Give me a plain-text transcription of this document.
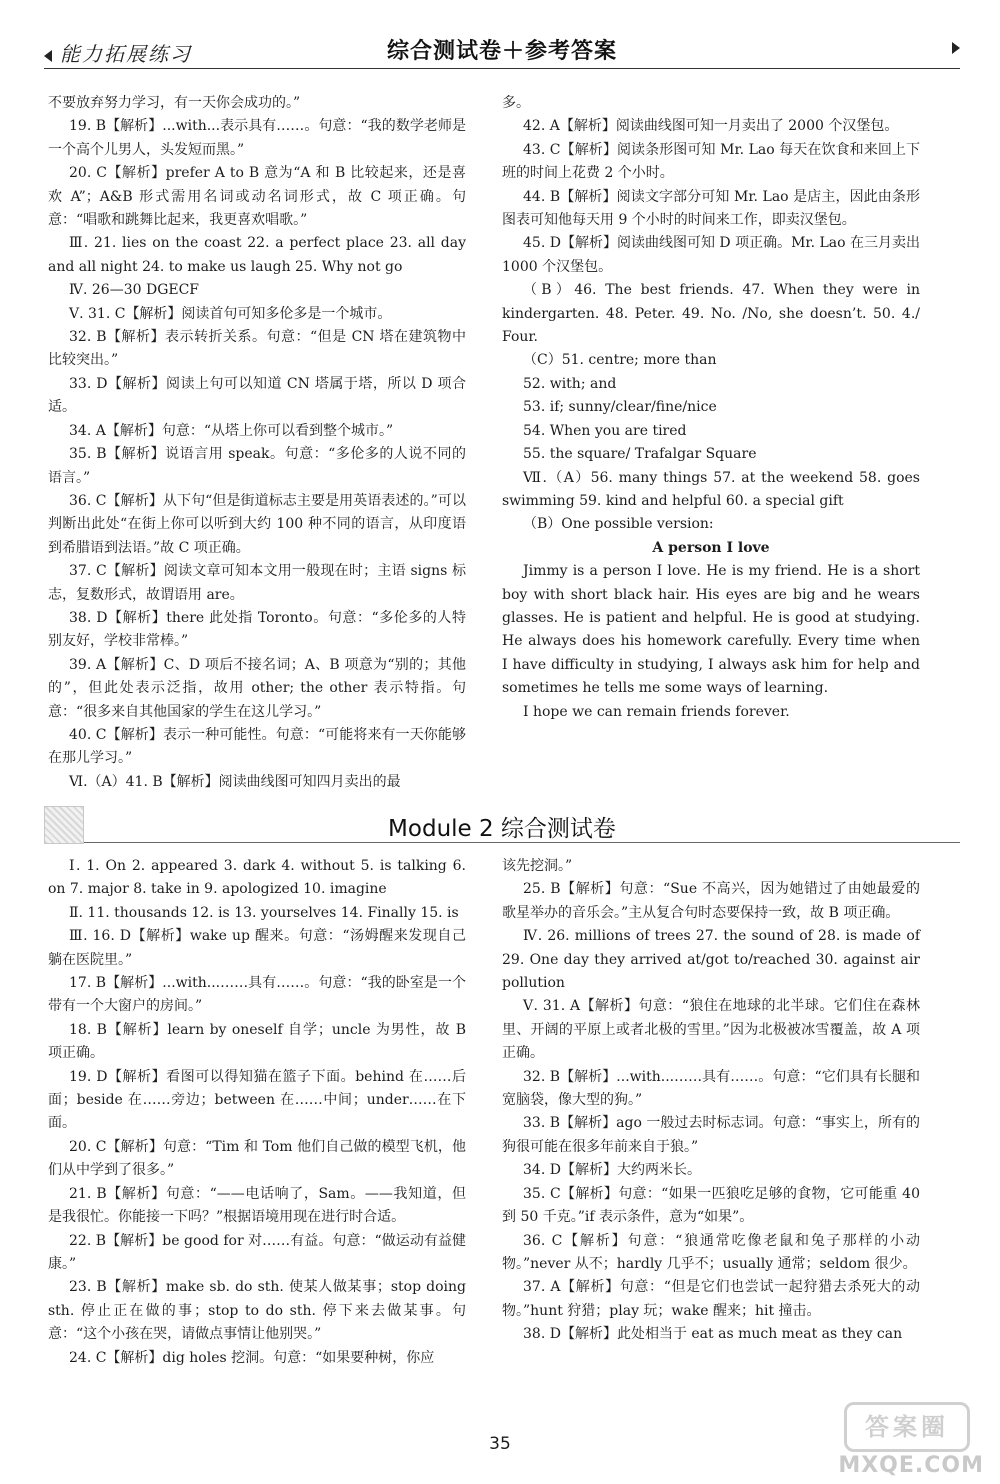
能力拓展练习	综合测试卷＋参考答案

不要放弃努力学习，有一天你会成功的。”

19. B【解析】...with...表示具有……。句意：“我的数学老师是一个高个儿男人，头发短而黑。”

20. C【解析】prefer A to B 意为“A 和 B 比较起来，还是喜欢 A”；A&B 形式需用名词或动名词形式，故 C 项正确。句意：“唱歌和跳舞比起来，我更喜欢唱歌。”

Ⅲ. 21. lies on the coast 22. a perfect place 23. all day and all night 24. to make us laugh 25. Why not go

Ⅳ. 26—30 DGECF

Ⅴ. 31. C【解析】阅读首句可知多伦多是一个城市。

32. B【解析】表示转折关系。句意：“但是 CN 塔在建筑物中比较突出。”

33. D【解析】阅读上句可以知道 CN 塔属于塔，所以 D 项合适。

34. A【解析】句意：“从塔上你可以看到整个城市。”

35. B【解析】说语言用 speak。句意：“多伦多的人说不同的语言。”

36. C【解析】从下句“但是街道标志主要是用英语表述的。”可以判断出此处“在街上你可以听到大约 100 种不同的语言，从印度语到希腊语到法语。”故 C 项正确。

37. C【解析】阅读文章可知本文用一般现在时；主语 signs 标志，复数形式，故谓语用 are。

38. D【解析】there 此处指 Toronto。句意：“多伦多的人特别友好，学校非常棒。”

39. A【解析】C、D 项后不接名词；A、B 项意为“别的；其他的”，但此处表示泛指，故用 other; the other 表示特指。句意：“很多来自其他国家的学生在这儿学习。”

40. C【解析】表示一种可能性。句意：“可能将来有一天你能够在那儿学习。”

Ⅵ.（A）41. B【解析】阅读曲线图可知四月卖出的最

多。

42. A【解析】阅读曲线图可知一月卖出了 2000 个汉堡包。

43. C【解析】阅读条形图可知 Mr. Lao 每天在饮食和来回上下班的时间上花费 2 个小时。

44. B【解析】阅读文字部分可知 Mr. Lao 是店主，因此由条形图表可知他每天用 9 个小时的时间来工作，即卖汉堡包。

45. D【解析】阅读曲线图可知 D 项正确。Mr. Lao 在三月卖出 1000 个汉堡包。

（B）46. The best friends. 47. When they were in kindergarten. 48. Peter. 49. No. /No, she doesn’t. 50. 4./ Four.

（C）51. centre; more than

52. with; and

53. if; sunny/clear/fine/nice

54. When you are tired

55. the square/ Trafalgar Square

Ⅶ.（A）56. many things 57. at the weekend 58. goes swimming 59. kind and helpful 60. a special gift

（B）One possible version:

A person I love

Jimmy is a person I love. He is my friend. He is a short boy with short black hair. His eyes are big and he wears glasses. He is patient and helpful. He is good at studying. He always does his homework carefully. Every time when I have difficulty in studying, I always ask him for help and sometimes he tells me some ways of learning.

I hope we can remain friends forever.

Module 2 综合测试卷

Ⅰ. 1. On 2. appeared 3. dark 4. without 5. is talking 6. on 7. major 8. take in 9. apologized 10. imagine

Ⅱ. 11. thousands 12. is 13. yourselves 14. Finally 15. is

Ⅲ. 16. D【解析】wake up 醒来。句意：“汤姆醒来发现自己躺在医院里。”

17. B【解析】...with...……具有……。句意：“我的卧室是一个带有一个大窗户的房间。”

18. B【解析】learn by oneself 自学；uncle 为男性，故 B 项正确。

19. D【解析】看图可以得知猫在篮子下面。behind 在……后面；beside 在……旁边；between 在……中间；under……在下面。

20. C【解析】句意：“Tim 和 Tom 他们自己做的模型飞机，他们从中学到了很多。”

21. B【解析】句意：“——电话响了，Sam。——我知道，但是我很忙。你能接一下吗？”根据语境用现在进行时合适。

22. B【解析】be good for 对……有益。句意：“做运动有益健康。”

23. B【解析】make sb. do sth. 使某人做某事；stop doing sth. 停止正在做的事；stop to do sth. 停下来去做某事。句意：“这个小孩在哭，请做点事情让他别哭。”

24. C【解析】dig holes 挖洞。句意：“如果要种树，你应

该先挖洞。”

25. B【解析】句意：“Sue 不高兴，因为她错过了由她最爱的歌星举办的音乐会。”主从复合句时态要保持一致，故 B 项正确。

Ⅳ. 26. millions of trees 27. the sound of 28. is made of 29. One day they arrived at/got to/reached 30. against air pollution

Ⅴ. 31. A【解析】句意：“狼住在地球的北半球。它们住在森林里、开阔的平原上或者北极的雪里。”因为北极被冰雪覆盖，故 A 项正确。

32. B【解析】...with...……具有……。句意：“它们具有长腿和宽脑袋，像大型的狗。”

33. B【解析】ago 一般过去时标志词。句意：“事实上，所有的狗很可能在很多年前来自于狼。”

34. D【解析】大约两米长。

35. C【解析】句意：“如果一匹狼吃足够的食物，它可能重 40 到 50 千克。”if 表示条件，意为“如果”。

36. C【解析】句意：“狼通常吃像老鼠和兔子那样的小动物。”never 从不；hardly 几乎不；usually 通常；seldom 很少。

37. A【解析】句意：“但是它们也尝试一起狩猎去杀死大的动物。”hunt 狩猎；play 玩；wake 醒来；hit 撞击。

38. D【解析】此处相当于 eat as much meat as they can

35
答案圈
MXQE.COM
